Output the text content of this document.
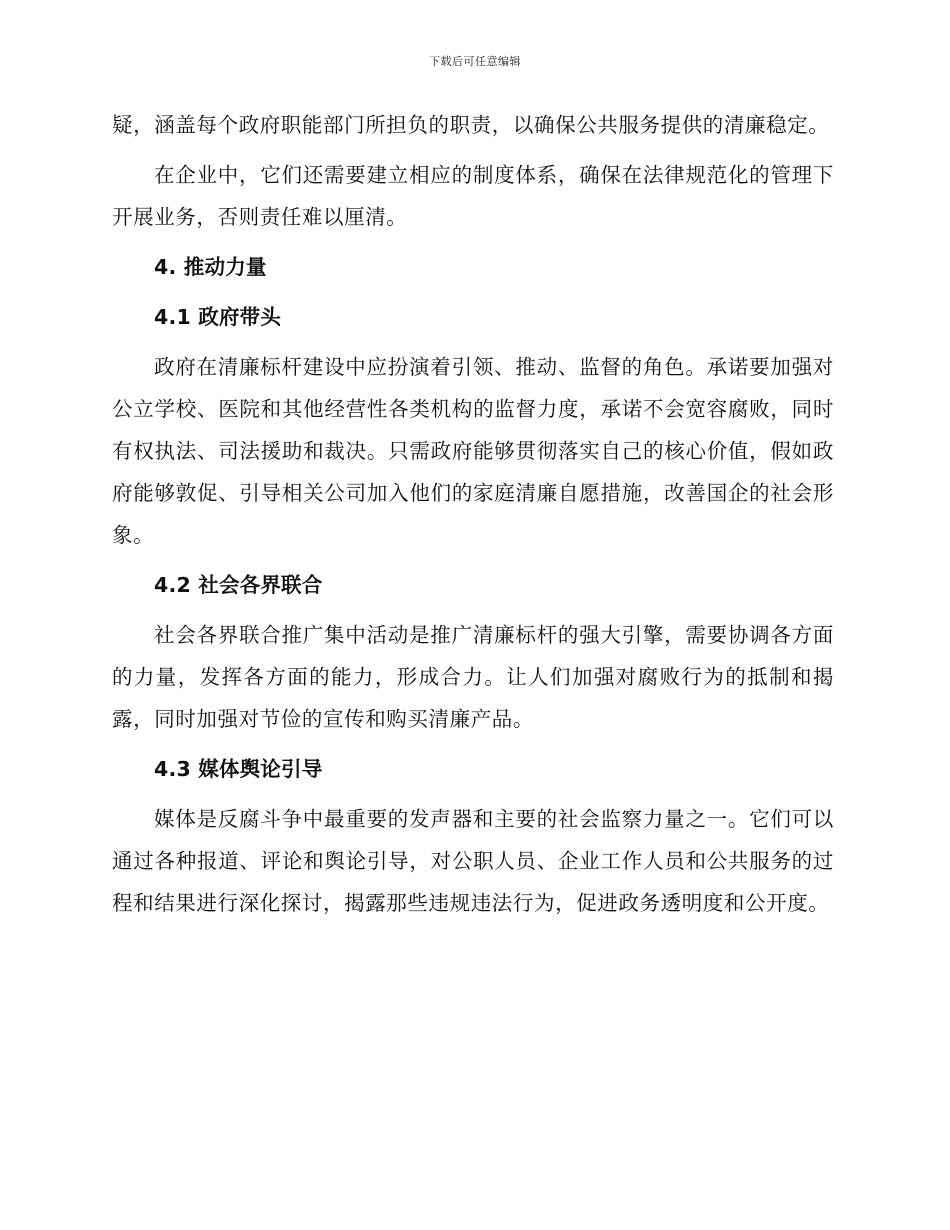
下载后可任意编辑

疑，涵盖每个政府职能部门所担负的职责，以确保公共服务提供的清廉稳定。

在企业中，它们还需要建立相应的制度体系，确保在法律规范化的管理下开展业务，否则责任难以厘清。

4. 推动力量
4.1 政府带头

政府在清廉标杆建设中应扮演着引领、推动、监督的角色。承诺要加强对公立学校、医院和其他经营性各类机构的监督力度，承诺不会宽容腐败，同时有权执法、司法援助和裁决。只需政府能够贯彻落实自己的核心价值，假如政府能够敦促、引导相关公司加入他们的家庭清廉自愿措施，改善国企的社会形象。

4.2 社会各界联合

社会各界联合推广集中活动是推广清廉标杆的强大引擎，需要协调各方面的力量，发挥各方面的能力，形成合力。让人们加强对腐败行为的抵制和揭露，同时加强对节俭的宣传和购买清廉产品。

4.3 媒体舆论引导

媒体是反腐斗争中最重要的发声器和主要的社会监察力量之一。它们可以通过各种报道、评论和舆论引导，对公职人员、企业工作人员和公共服务的过程和结果进行深化探讨，揭露那些违规违法行为，促进政务透明度和公开度。
